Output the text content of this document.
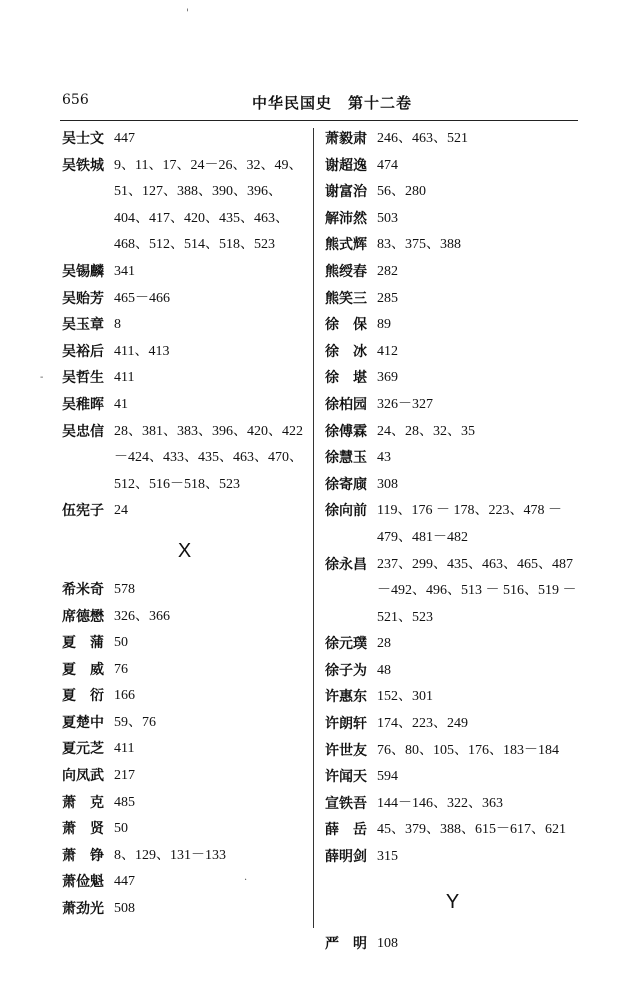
656	中华民国史　第十二卷
吴士文 447
吴铁城 9、11、17、24－26、32、49、51、127、388、390、396、404、417、420、435、463、468、512、514、518、523
吴锡麟 341
吴贻芳 465－466
吴玉章 8
吴裕后 411、413
吴哲生 411
吴稚晖 41
吴忠信 28、381、383、396、420、422－424、433、435、463、470、512、516－518、523
伍宪子 24
X
希米奇 578
席德懋 326、366
夏　蒲 50
夏　威 76
夏　衍 166
夏楚中 59、76
夏元芝 411
向凤武 217
萧　克 485
萧　贤 50
萧　铮 8、129、131－133
萧俭魁 447
萧劲光 508
萧毅肃 246、463、521
谢超逸 474
谢富治 56、280
解沛然 503
熊式辉 83、375、388
熊绶春 282
熊笑三 285
徐　保 89
徐　冰 412
徐　堪 369
徐柏园 326－327
徐傅霖 24、28、32、35
徐慧玉 43
徐寄庼 308
徐向前 119、176 － 178、223、478 － 479、481－482
徐永昌 237、299、435、463、465、487－492、496、513 － 516、519 － 521、523
徐元璞 28
徐子为 48
许惠东 152、301
许朗轩 174、223、249
许世友 76、80、105、176、183－184
许闻天 594
宣铁吾 144－146、322、363
薛　岳 45、379、388、615－617、621
薛明剑 315
Y
严　明 108
'
-
.
